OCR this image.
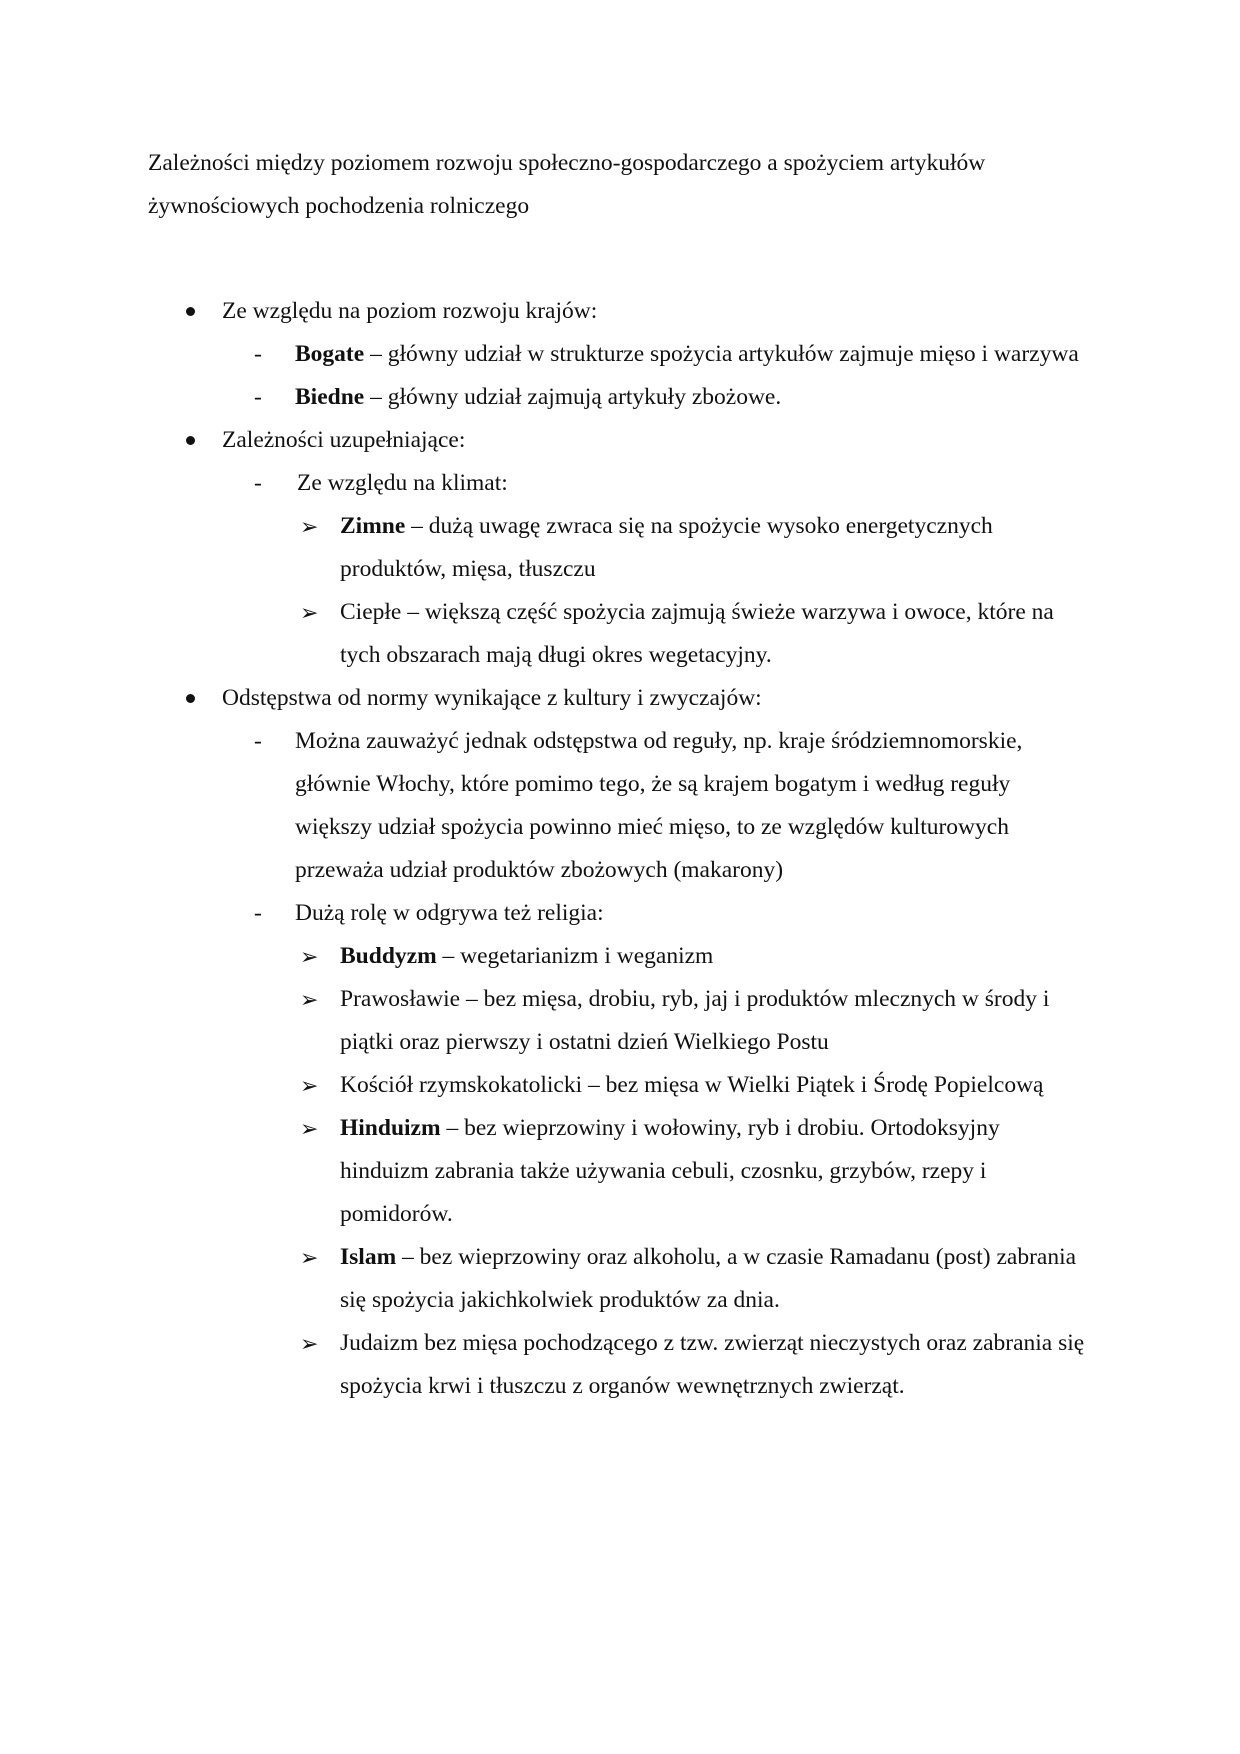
Zależności między poziomem rozwoju społeczno-gospodarczego a spożyciem artykułów żywnościowych pochodzenia rolniczego

Ze względu na poziom rozwoju krajów:
- Bogate – główny udział w strukturze spożycia artykułów zajmuje mięso i warzywa
- Biedne – główny udział zajmują artykuły zbożowe.
Zależności uzupełniające:
- Ze względu na klimat:
➢ Zimne – dużą uwagę zwraca się na spożycie wysoko energetycznych produktów, mięsa, tłuszczu
➢ Ciepłe – większą część spożycia zajmują świeże warzywa i owoce, które na tych obszarach mają długi okres wegetacyjny.
Odstępstwa od normy wynikające z kultury i zwyczajów:
- Można zauważyć jednak odstępstwa od reguły, np. kraje śródziemnomorskie, głównie Włochy, które pomimo tego, że są krajem bogatym i według reguły większy udział spożycia powinno mieć mięso, to ze względów kulturowych przeważa udział produktów zbożowych (makarony)
- Dużą rolę w odgrywa też religia:
➢ Buddyzm – wegetarianizm i weganizm
➢ Prawosławie – bez mięsa, drobiu, ryb, jaj i produktów mlecznych w środy i piątki oraz pierwszy i ostatni dzień Wielkiego Postu
➢ Kościół rzymskokatolicki – bez mięsa w Wielki Piątek i Środę Popielcową
➢ Hinduizm – bez wieprzowiny i wołowiny, ryb i drobiu. Ortodoksyjny hinduizm zabrania także używania cebuli, czosnku, grzybów, rzepy i pomidorów.
➢ Islam – bez wieprzowiny oraz alkoholu, a w czasie Ramadanu (post) zabrania się spożycia jakichkolwiek produktów za dnia.
➢ Judaizm bez mięsa pochodzącego z tzw. zwierząt nieczystych oraz zabrania się spożycia krwi i tłuszczu z organów wewnętrznych zwierząt.
